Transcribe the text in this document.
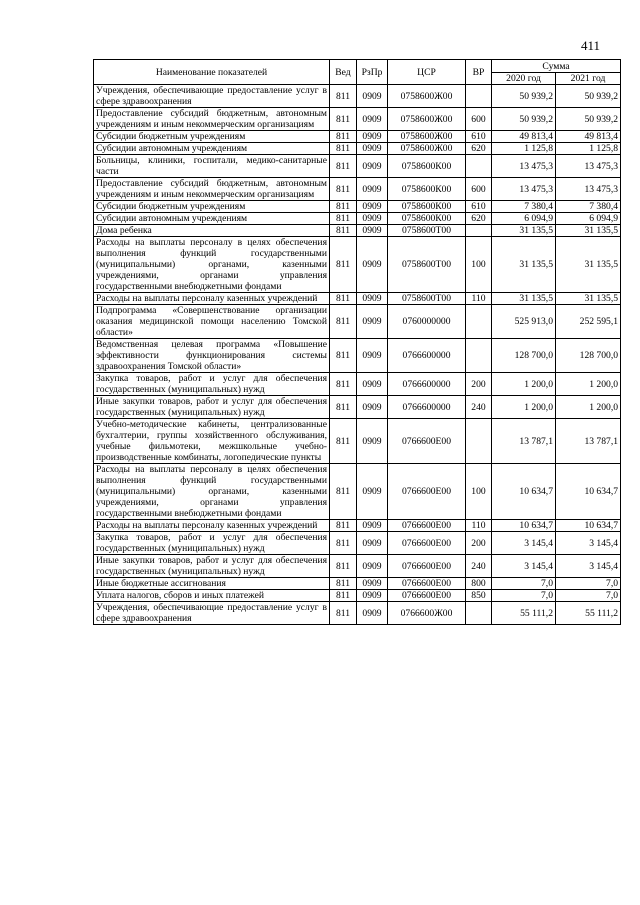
411
Наименование показателей	Вед	РзПр	ЦСР	ВР	Сумма	
					2020 год	2021 год
Учреждения, обеспечивающие предоставление услуг в сфере здравоохранения	811	0909	0758600Ж00		50 939,2	50 939,2
Предоставление субсидий бюджетным, автономным учреждениям и иным некоммерческим организациям	811	0909	0758600Ж00	600	50 939,2	50 939,2
Субсидии бюджетным учреждениям	811	0909	0758600Ж00	610	49 813,4	49 813,4
Субсидии автономным учреждениям	811	0909	0758600Ж00	620	1 125,8	1 125,8
Больницы, клиники, госпитали, медико-санитарные части	811	0909	0758600К00		13 475,3	13 475,3
Предоставление субсидий бюджетным, автономным учреждениям и иным некоммерческим организациям	811	0909	0758600К00	600	13 475,3	13 475,3
Субсидии бюджетным учреждениям	811	0909	0758600К00	610	7 380,4	7 380,4
Субсидии автономным учреждениям	811	0909	0758600К00	620	6 094,9	6 094,9
Дома ребенка	811	0909	0758600Т00		31 135,5	31 135,5
Расходы на выплаты персоналу в целях обеспечения выполнения функций государственными (муниципальными) органами, казенными учреждениями, органами управления государственными внебюджетными фондами	811	0909	0758600Т00	100	31 135,5	31 135,5
Расходы на выплаты персоналу казенных учреждений	811	0909	0758600Т00	110	31 135,5	31 135,5
Подпрограмма «Совершенствование организации оказания медицинской помощи населению Томской области»	811	0909	0760000000		525 913,0	252 595,1
Ведомственная целевая программа «Повышение эффективности функционирования системы здравоохранения Томской области»	811	0909	0766600000		128 700,0	128 700,0
Закупка товаров, работ и услуг для обеспечения государственных (муниципальных) нужд	811	0909	0766600000	200	1 200,0	1 200,0
Иные закупки товаров, работ и услуг для обеспечения государственных (муниципальных) нужд	811	0909	0766600000	240	1 200,0	1 200,0
Учебно-методические кабинеты, централизованные бухгалтерии, группы хозяйственного обслуживания, учебные фильмотеки, межшкольные учебно-производственные комбинаты, логопедические пункты	811	0909	0766600Е00		13 787,1	13 787,1
Расходы на выплаты персоналу в целях обеспечения выполнения функций государственными (муниципальными) органами, казенными учреждениями, органами управления государственными внебюджетными фондами	811	0909	0766600Е00	100	10 634,7	10 634,7
Расходы на выплаты персоналу казенных учреждений	811	0909	0766600Е00	110	10 634,7	10 634,7
Закупка товаров, работ и услуг для обеспечения государственных (муниципальных) нужд	811	0909	0766600Е00	200	3 145,4	3 145,4
Иные закупки товаров, работ и услуг для обеспечения государственных (муниципальных) нужд	811	0909	0766600Е00	240	3 145,4	3 145,4
Иные бюджетные ассигнования	811	0909	0766600Е00	800	7,0	7,0
Уплата налогов, сборов и иных платежей	811	0909	0766600Е00	850	7,0	7,0
Учреждения, обеспечивающие предоставление услуг в сфере здравоохранения	811	0909	0766600Ж00		55 111,2	55 111,2
